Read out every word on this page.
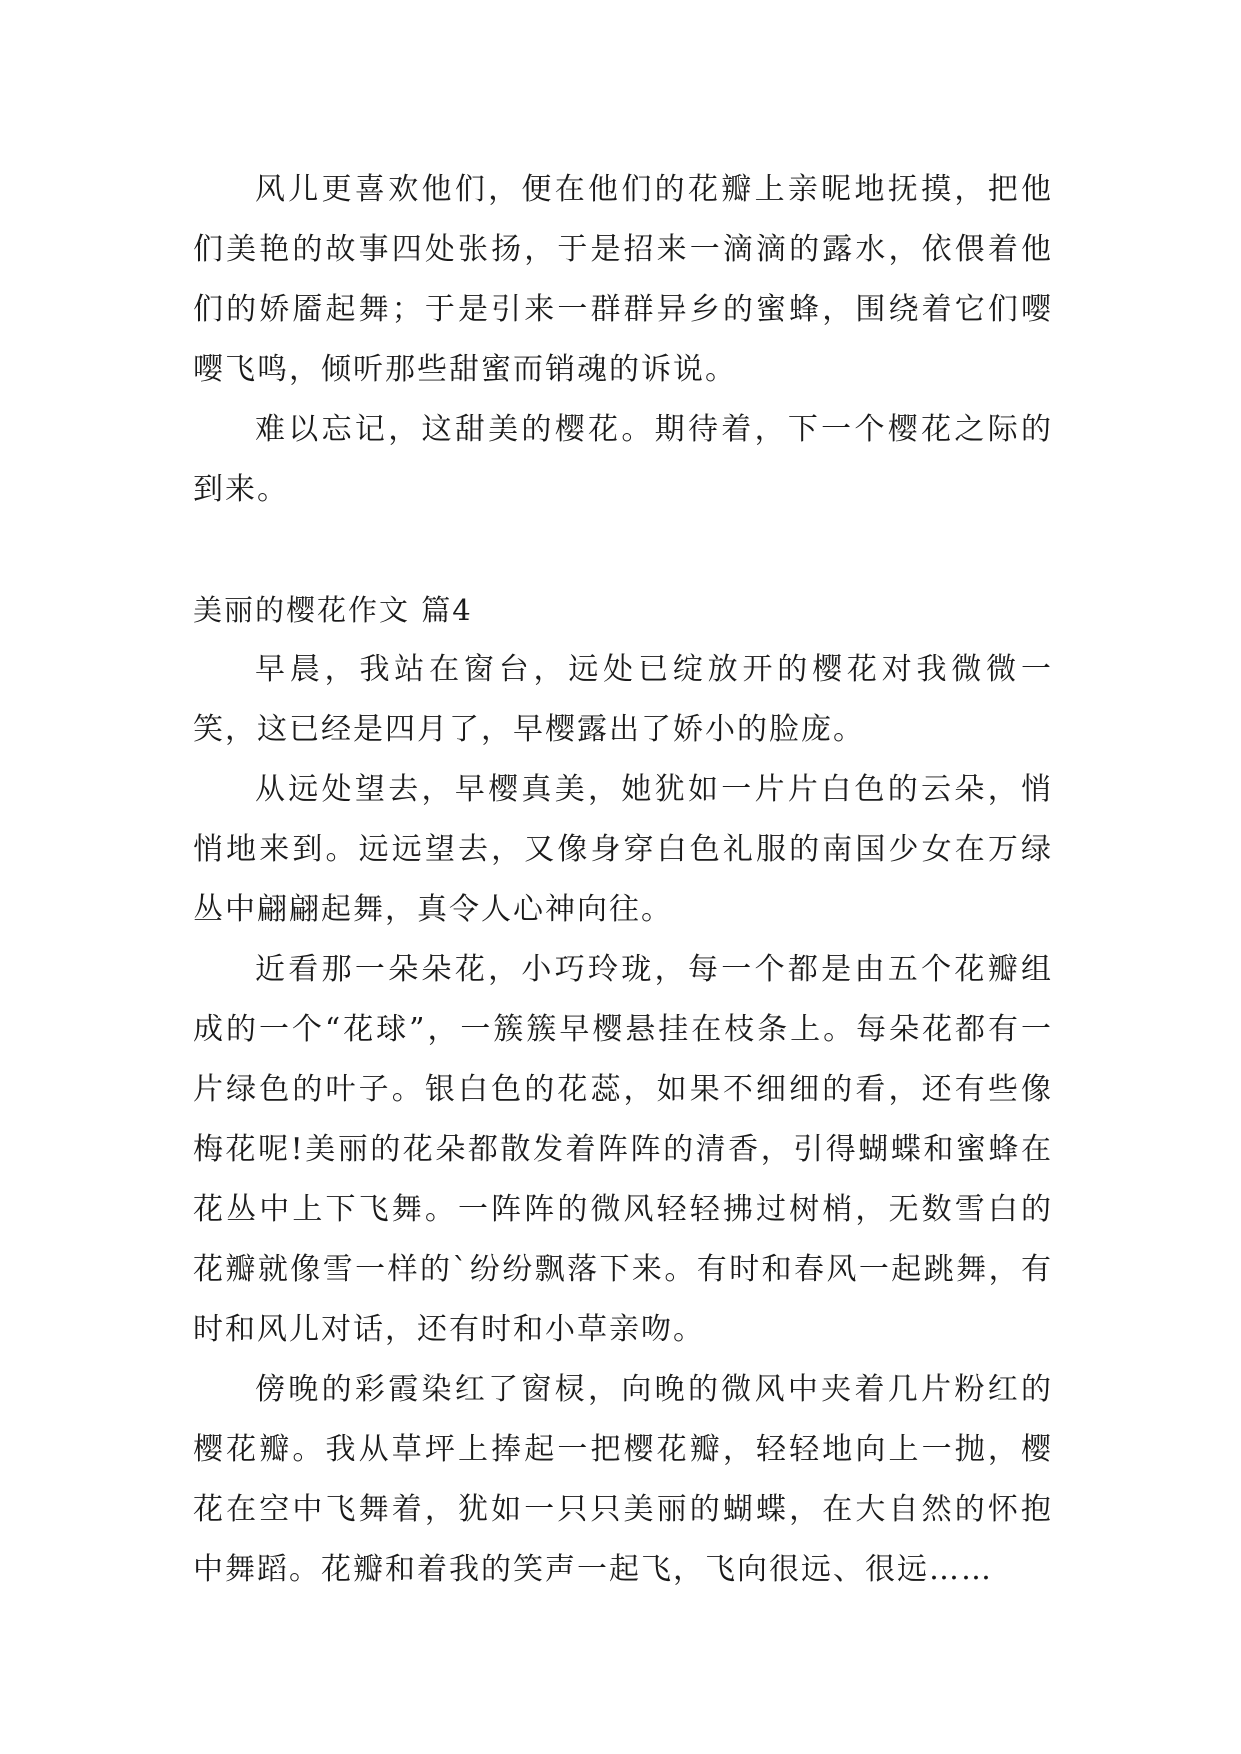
风儿更喜欢他们，便在他们的花瓣上亲昵地抚摸，把他们美艳的故事四处张扬，于是招来一滴滴的露水，依偎着他们的娇靥起舞；于是引来一群群异乡的蜜蜂，围绕着它们嘤嘤飞鸣，倾听那些甜蜜而销魂的诉说。

难以忘记，这甜美的樱花。期待着，下一个樱花之际的到来。

美丽的樱花作文 篇4

早晨，我站在窗台，远处已绽放开的樱花对我微微一笑，这已经是四月了，早樱露出了娇小的脸庞。

从远处望去，早樱真美，她犹如一片片白色的云朵，悄悄地来到。远远望去，又像身穿白色礼服的南国少女在万绿丛中翩翩起舞，真令人心神向往。

近看那一朵朵花，小巧玲珑，每一个都是由五个花瓣组成的一个“花球”，一簇簇早樱悬挂在枝条上。每朵花都有一片绿色的叶子。银白色的花蕊，如果不细细的看，还有些像梅花呢!美丽的花朵都散发着阵阵的清香，引得蝴蝶和蜜蜂在花丛中上下飞舞。一阵阵的微风轻轻拂过树梢，无数雪白的花瓣就像雪一样的`纷纷飘落下来。有时和春风一起跳舞，有时和风儿对话，还有时和小草亲吻。

傍晚的彩霞染红了窗棂，向晚的微风中夹着几片粉红的樱花瓣。我从草坪上捧起一把樱花瓣，轻轻地向上一抛，樱花在空中飞舞着，犹如一只只美丽的蝴蝶，在大自然的怀抱中舞蹈。花瓣和着我的笑声一起飞，飞向很远、很远……
